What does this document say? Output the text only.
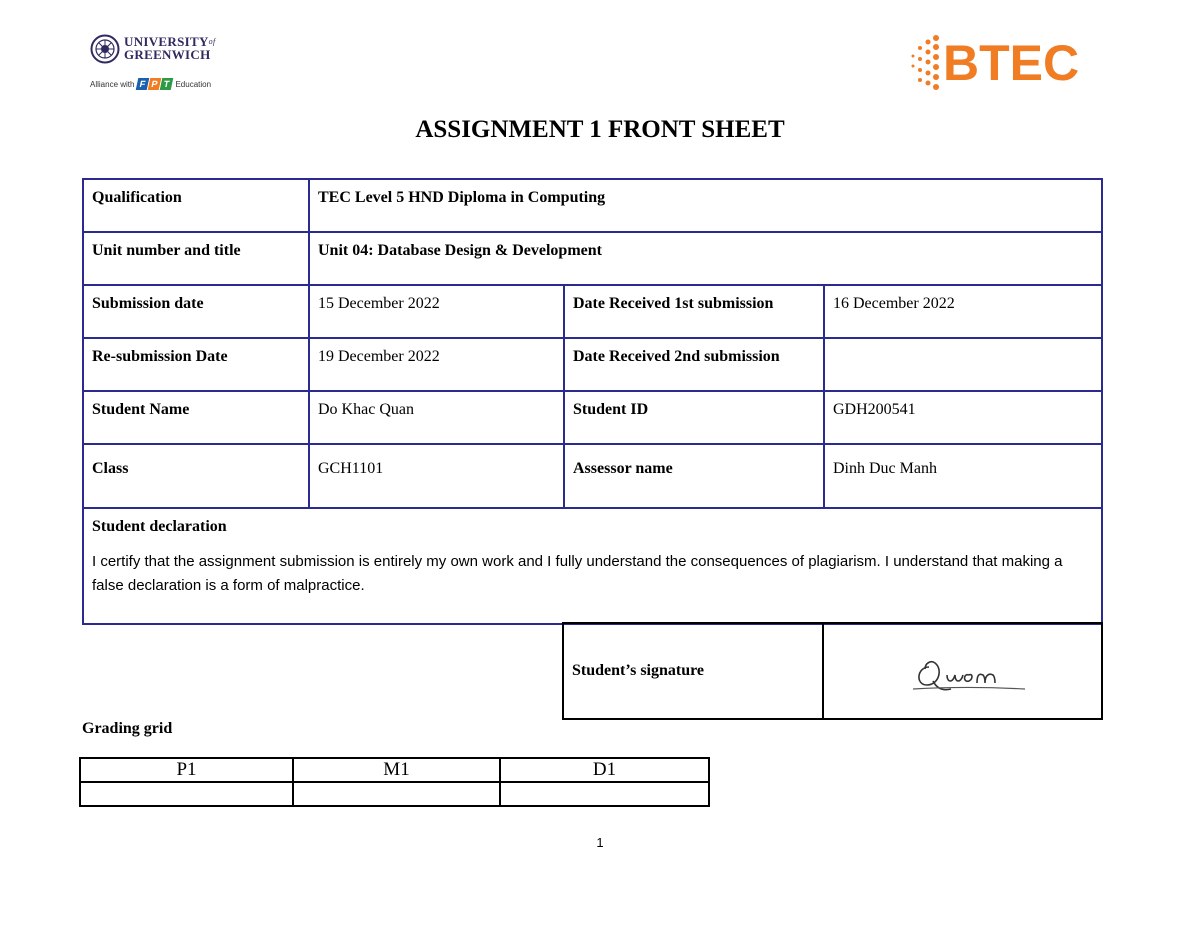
$UNIVERSITY^{of}$
GREENWICH
Alliance with F P T Education	BTEC
ASSIGNMENT 1 FRONT SHEET
Qualification	TEC Level 5 HND Diploma in Computing		
Unit number and title	Unit 04: Database Design & Development		
Submission date	15 December 2022	Date Received 1st submission	16 December 2022
Re-submission Date	19 December 2022	Date Received 2nd submission	
Student Name	Do Khac Quan	Student ID	GDH200541
Class	GCH1101	Assessor name	Dinh Duc Manh

Student declaration
I certify that the assignment submission is entirely my own work and I fully understand the consequences of plagiarism. I understand that making a false declaration is a form of malpractice.			
Student’s signature	
Grading grid
P1	M1	D1

1
